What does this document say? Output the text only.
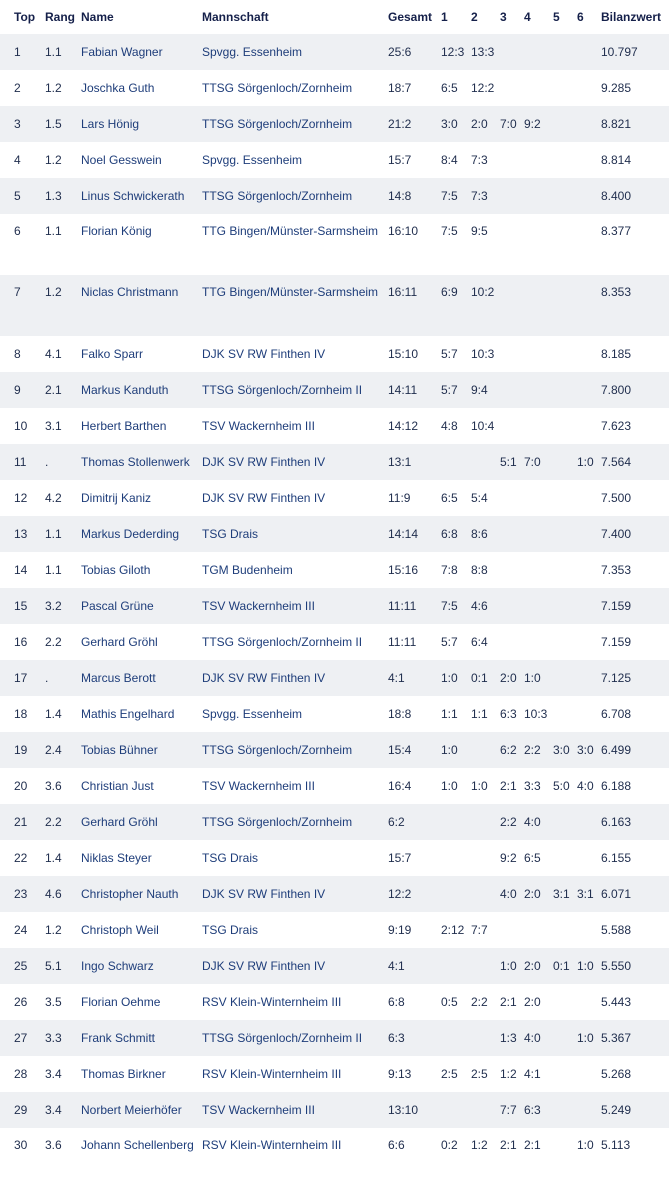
Top	Rang	Name	Mannschaft	Gesamt	1	2	3	4	5	6	Bilanzwert
1	1.1	Fabian Wagner	Spvgg. Essenheim	25:6	12:3	13:3					10.797
2	1.2	Joschka Guth	TTSG Sörgenloch/Zornheim	18:7	6:5	12:2					9.285
3	1.5	Lars Hönig	TTSG Sörgenloch/Zornheim	21:2	3:0	2:0	7:0	9:2			8.821
4	1.2	Noel Gesswein	Spvgg. Essenheim	15:7	8:4	7:3					8.814
5	1.3	Linus Schwickerath	TTSG Sörgenloch/Zornheim	14:8	7:5	7:3					8.400
6	1.1	Florian König	TTG Bingen/Münster-Sarmsheim	16:10	7:5	9:5					8.377
7	1.2	Niclas Christmann	TTG Bingen/Münster-Sarmsheim	16:11	6:9	10:2					8.353
8	4.1	Falko Sparr	DJK SV RW Finthen IV	15:10	5:7	10:3					8.185
9	2.1	Markus Kanduth	TTSG Sörgenloch/Zornheim II	14:11	5:7	9:4					7.800
10	3.1	Herbert Barthen	TSV Wackernheim III	14:12	4:8	10:4					7.623
11	.	Thomas Stollenwerk	DJK SV RW Finthen IV	13:1			5:1	7:0		1:0	7.564
12	4.2	Dimitrij Kaniz	DJK SV RW Finthen IV	11:9	6:5	5:4					7.500
13	1.1	Markus Dederding	TSG Drais	14:14	6:8	8:6					7.400
14	1.1	Tobias Giloth	TGM Budenheim	15:16	7:8	8:8					7.353
15	3.2	Pascal Grüne	TSV Wackernheim III	11:11	7:5	4:6					7.159
16	2.2	Gerhard Gröhl	TTSG Sörgenloch/Zornheim II	11:11	5:7	6:4					7.159
17	.	Marcus Berott	DJK SV RW Finthen IV	4:1	1:0	0:1	2:0	1:0			7.125
18	1.4	Mathis Engelhard	Spvgg. Essenheim	18:8	1:1	1:1	6:3	10:3			6.708
19	2.4	Tobias Bühner	TTSG Sörgenloch/Zornheim	15:4	1:0		6:2	2:2	3:0	3:0	6.499
20	3.6	Christian Just	TSV Wackernheim III	16:4	1:0	1:0	2:1	3:3	5:0	4:0	6.188
21	2.2	Gerhard Gröhl	TTSG Sörgenloch/Zornheim	6:2			2:2	4:0			6.163
22	1.4	Niklas Steyer	TSG Drais	15:7			9:2	6:5			6.155
23	4.6	Christopher Nauth	DJK SV RW Finthen IV	12:2			4:0	2:0	3:1	3:1	6.071
24	1.2	Christoph Weil	TSG Drais	9:19	2:12	7:7					5.588
25	5.1	Ingo Schwarz	DJK SV RW Finthen IV	4:1			1:0	2:0	0:1	1:0	5.550
26	3.5	Florian Oehme	RSV Klein-Winternheim III	6:8	0:5	2:2	2:1	2:0			5.443
27	3.3	Frank Schmitt	TTSG Sörgenloch/Zornheim II	6:3			1:3	4:0		1:0	5.367
28	3.4	Thomas Birkner	RSV Klein-Winternheim III	9:13	2:5	2:5	1:2	4:1			5.268
29	3.4	Norbert Meierhöfer	TSV Wackernheim III	13:10			7:7	6:3			5.249
30	3.6	Johann Schellenberg	RSV Klein-Winternheim III	6:6	0:2	1:2	2:1	2:1		1:0	5.113
